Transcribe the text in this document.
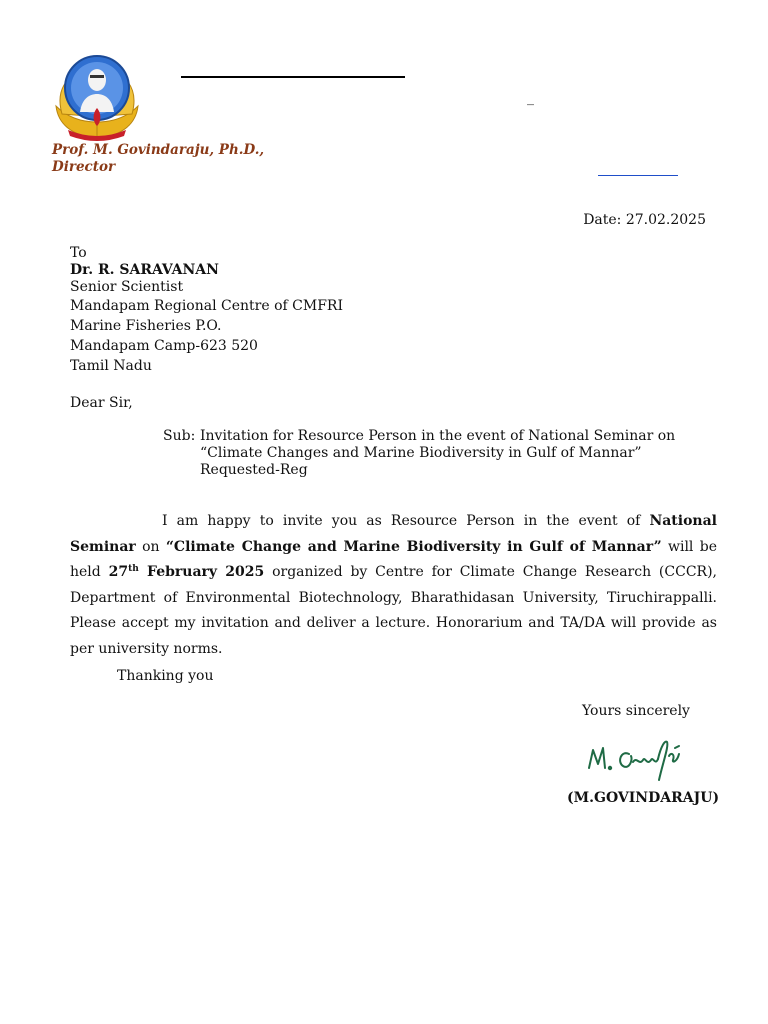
_
Prof. M. Govindaraju, Ph.D.,
Director
Date: 27.02.2025
To
Dr. R. SARAVANAN
Senior Scientist
Mandapam Regional Centre of CMFRI
Marine Fisheries P.O.
Mandapam Camp-623 520
Tamil Nadu
Dear Sir,
Sub: Invitation for Resource Person in the event of National Seminar on
“Climate Changes and Marine Biodiversity in Gulf of Mannar”
Requested-Reg
I am happy to invite you as Resource Person in the event of National Seminar on “Climate Change and Marine Biodiversity in Gulf of Mannar” will be held 27th February 2025 organized by Centre for Climate Change Research (CCCR), Department of Environmental Biotechnology, Bharathidasan University, Tiruchirappalli. Please accept my invitation and deliver a lecture. Honorarium and TA/DA will provide as per university norms.
Thanking you
Yours sincerely
(M.GOVINDARAJU)
